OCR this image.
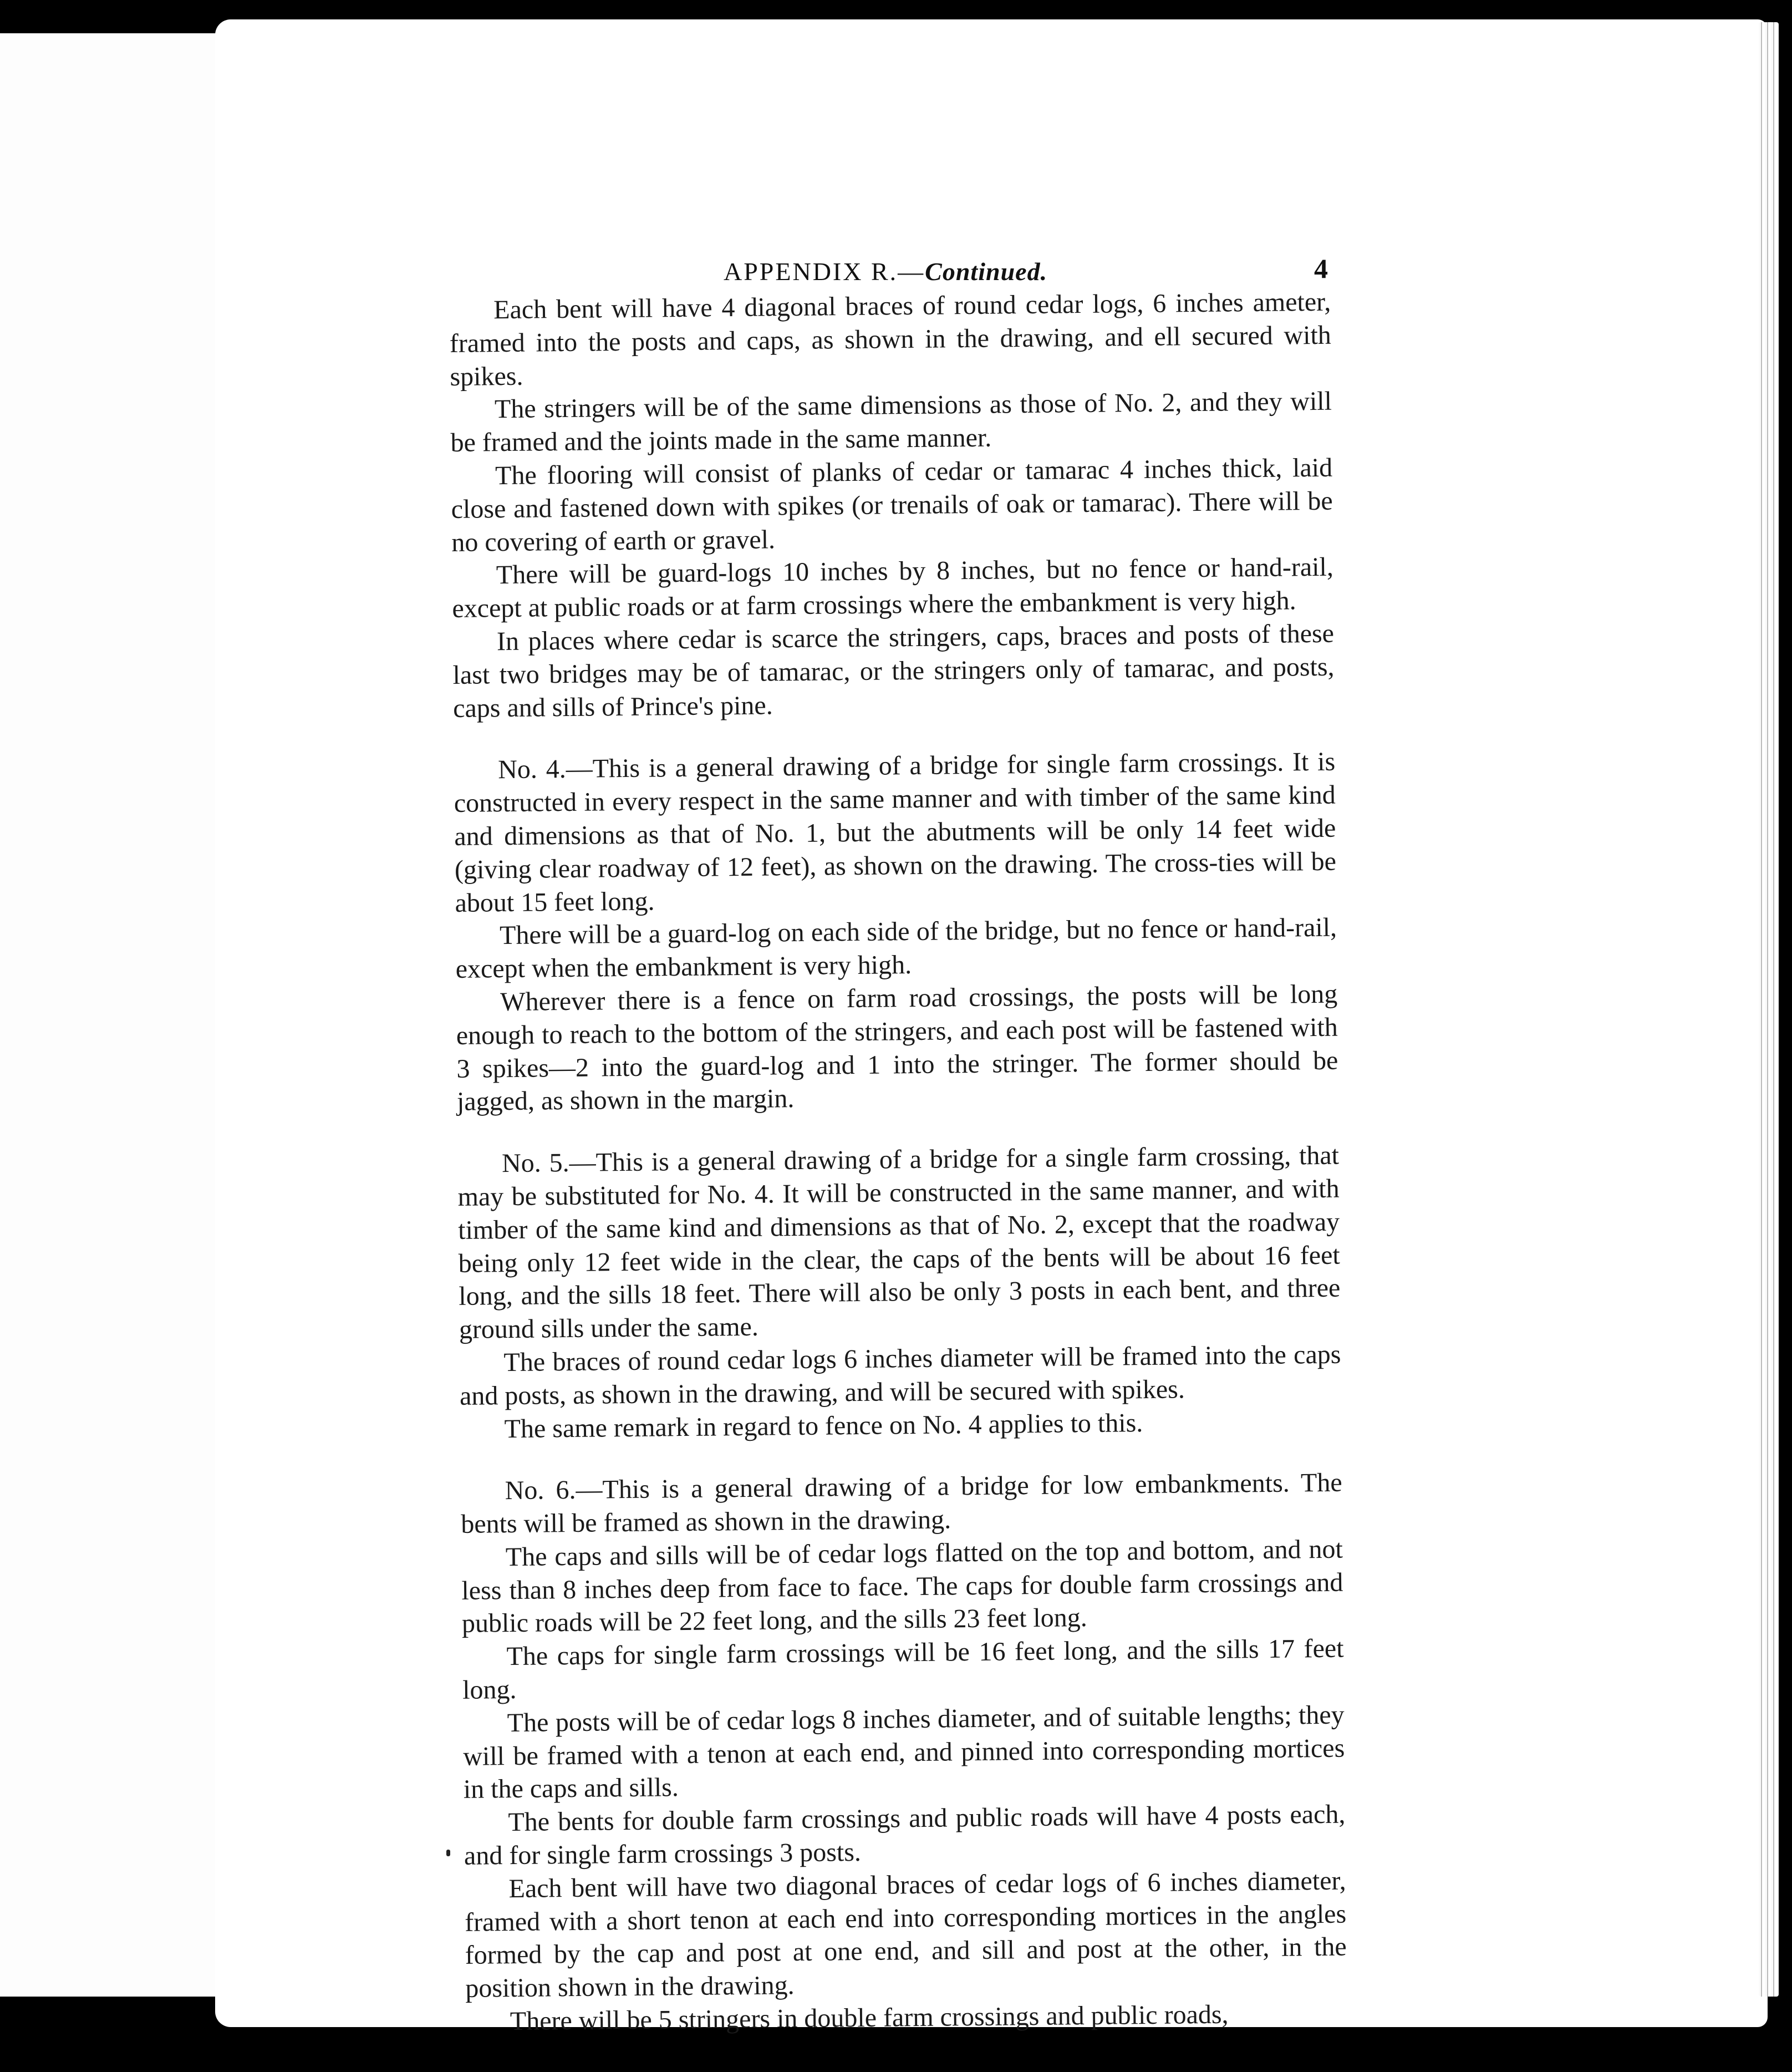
APPENDIX R.—Continued.	4

Each bent will have 4 diagonal braces of round cedar logs, 6 inches ameter, framed into the posts and caps, as shown in the drawing, and ell secured with spikes.

The stringers will be of the same dimensions as those of No. 2, and they will be framed and the joints made in the same manner.

The flooring will consist of planks of cedar or tamarac 4 inches thick, laid close and fastened down with spikes (or trenails of oak or tamarac). There will be no covering of earth or gravel.

There will be guard-logs 10 inches by 8 inches, but no fence or hand-rail, except at public roads or at farm crossings where the embankment is very high.

In places where cedar is scarce the stringers, caps, braces and posts of these last two bridges may be of tamarac, or the stringers only of tamarac, and posts, caps and sills of Prince's pine.

No. 4.—This is a general drawing of a bridge for single farm crossings. It is constructed in every respect in the same manner and with timber of the same kind and dimensions as that of No. 1, but the abutments will be only 14 feet wide (giving clear roadway of 12 feet), as shown on the drawing. The cross-ties will be about 15 feet long.

There will be a guard-log on each side of the bridge, but no fence or hand-rail, except when the embankment is very high.

Wherever there is a fence on farm road crossings, the posts will be long enough to reach to the bottom of the stringers, and each post will be fastened with 3 spikes—2 into the guard-log and 1 into the stringer. The former should be jagged, as shown in the margin.

No. 5.—This is a general drawing of a bridge for a single farm crossing, that may be substituted for No. 4. It will be constructed in the same manner, and with timber of the same kind and dimensions as that of No. 2, except that the roadway being only 12 feet wide in the clear, the caps of the bents will be about 16 feet long, and the sills 18 feet. There will also be only 3 posts in each bent, and three ground sills under the same.

The braces of round cedar logs 6 inches diameter will be framed into the caps and posts, as shown in the drawing, and will be secured with spikes.

The same remark in regard to fence on No. 4 applies to this.

No. 6.—This is a general drawing of a bridge for low embankments. The bents will be framed as shown in the drawing.

The caps and sills will be of cedar logs flatted on the top and bottom, and not less than 8 inches deep from face to face. The caps for double farm crossings and public roads will be 22 feet long, and the sills 23 feet long.

The caps for single farm crossings will be 16 feet long, and the sills 17 feet long.

The posts will be of cedar logs 8 inches diameter, and of suitable lengths; they will be framed with a tenon at each end, and pinned into corresponding mortices in the caps and sills.

The bents for double farm crossings and public roads will have 4 posts each, and for single farm crossings 3 posts.

Each bent will have two diagonal braces of cedar logs of 6 inches diameter, framed with a short tenon at each end into corresponding mortices in the angles formed by the cap and post at one end, and sill and post at the other, in the position shown in the drawing.

There will be 5 stringers in double farm crossings and public roads,
